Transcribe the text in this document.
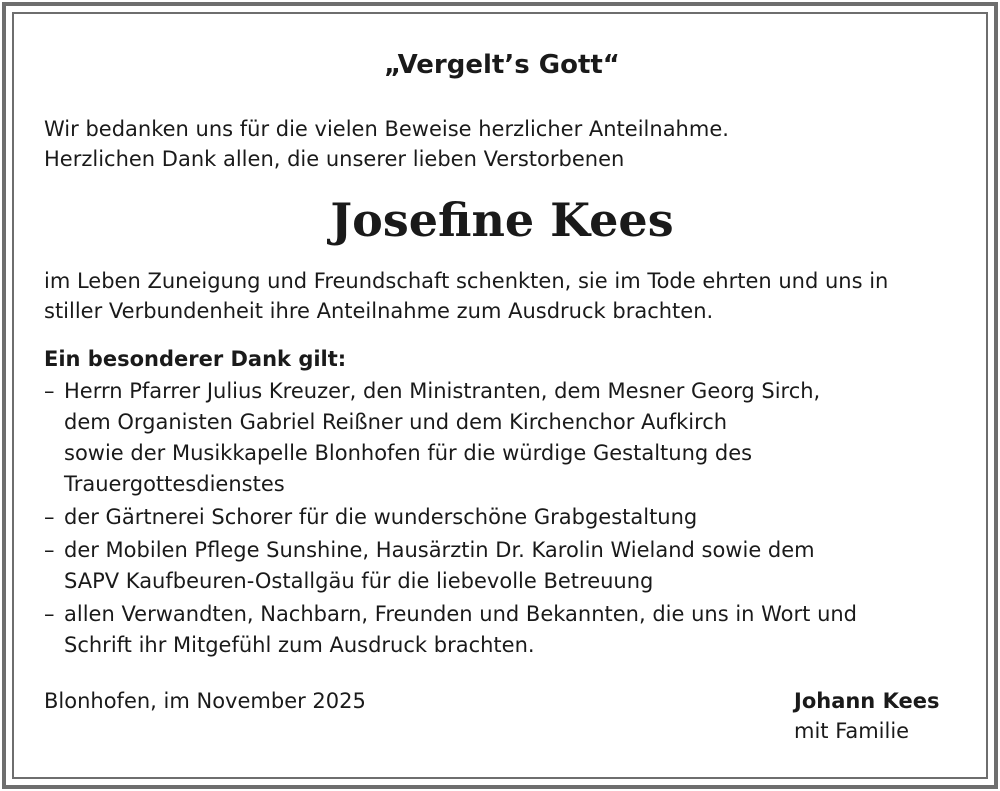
„Vergelt’s Gott“

Wir bedanken uns für die vielen Beweise herzlicher Anteilnahme.
Herzlichen Dank allen, die unserer lieben Verstorbenen

Josefine Kees

im Leben Zuneigung und Freundschaft schenkten, sie im Tode ehrten und uns in
stiller Verbundenheit ihre Anteilnahme zum Ausdruck brachten.

Ein besonderer Dank gilt:
– Herrn Pfarrer Julius Kreuzer, den Ministranten, dem Mesner Georg Sirch,
dem Organisten Gabriel Reißner und dem Kirchenchor Aufkirch
sowie der Musikkapelle Blonhofen für die würdige Gestaltung des
Trauergottesdienstes
– der Gärtnerei Schorer für die wunderschöne Grabgestaltung
– der Mobilen Pflege Sunshine, Hausärztin Dr. Karolin Wieland sowie dem
SAPV Kaufbeuren-Ostallgäu für die liebevolle Betreuung
– allen Verwandten, Nachbarn, Freunden und Bekannten, die uns in Wort und
Schrift ihr Mitgefühl zum Ausdruck brachten.
Blonhofen, im November 2025	Johann Kees
mit Familie
